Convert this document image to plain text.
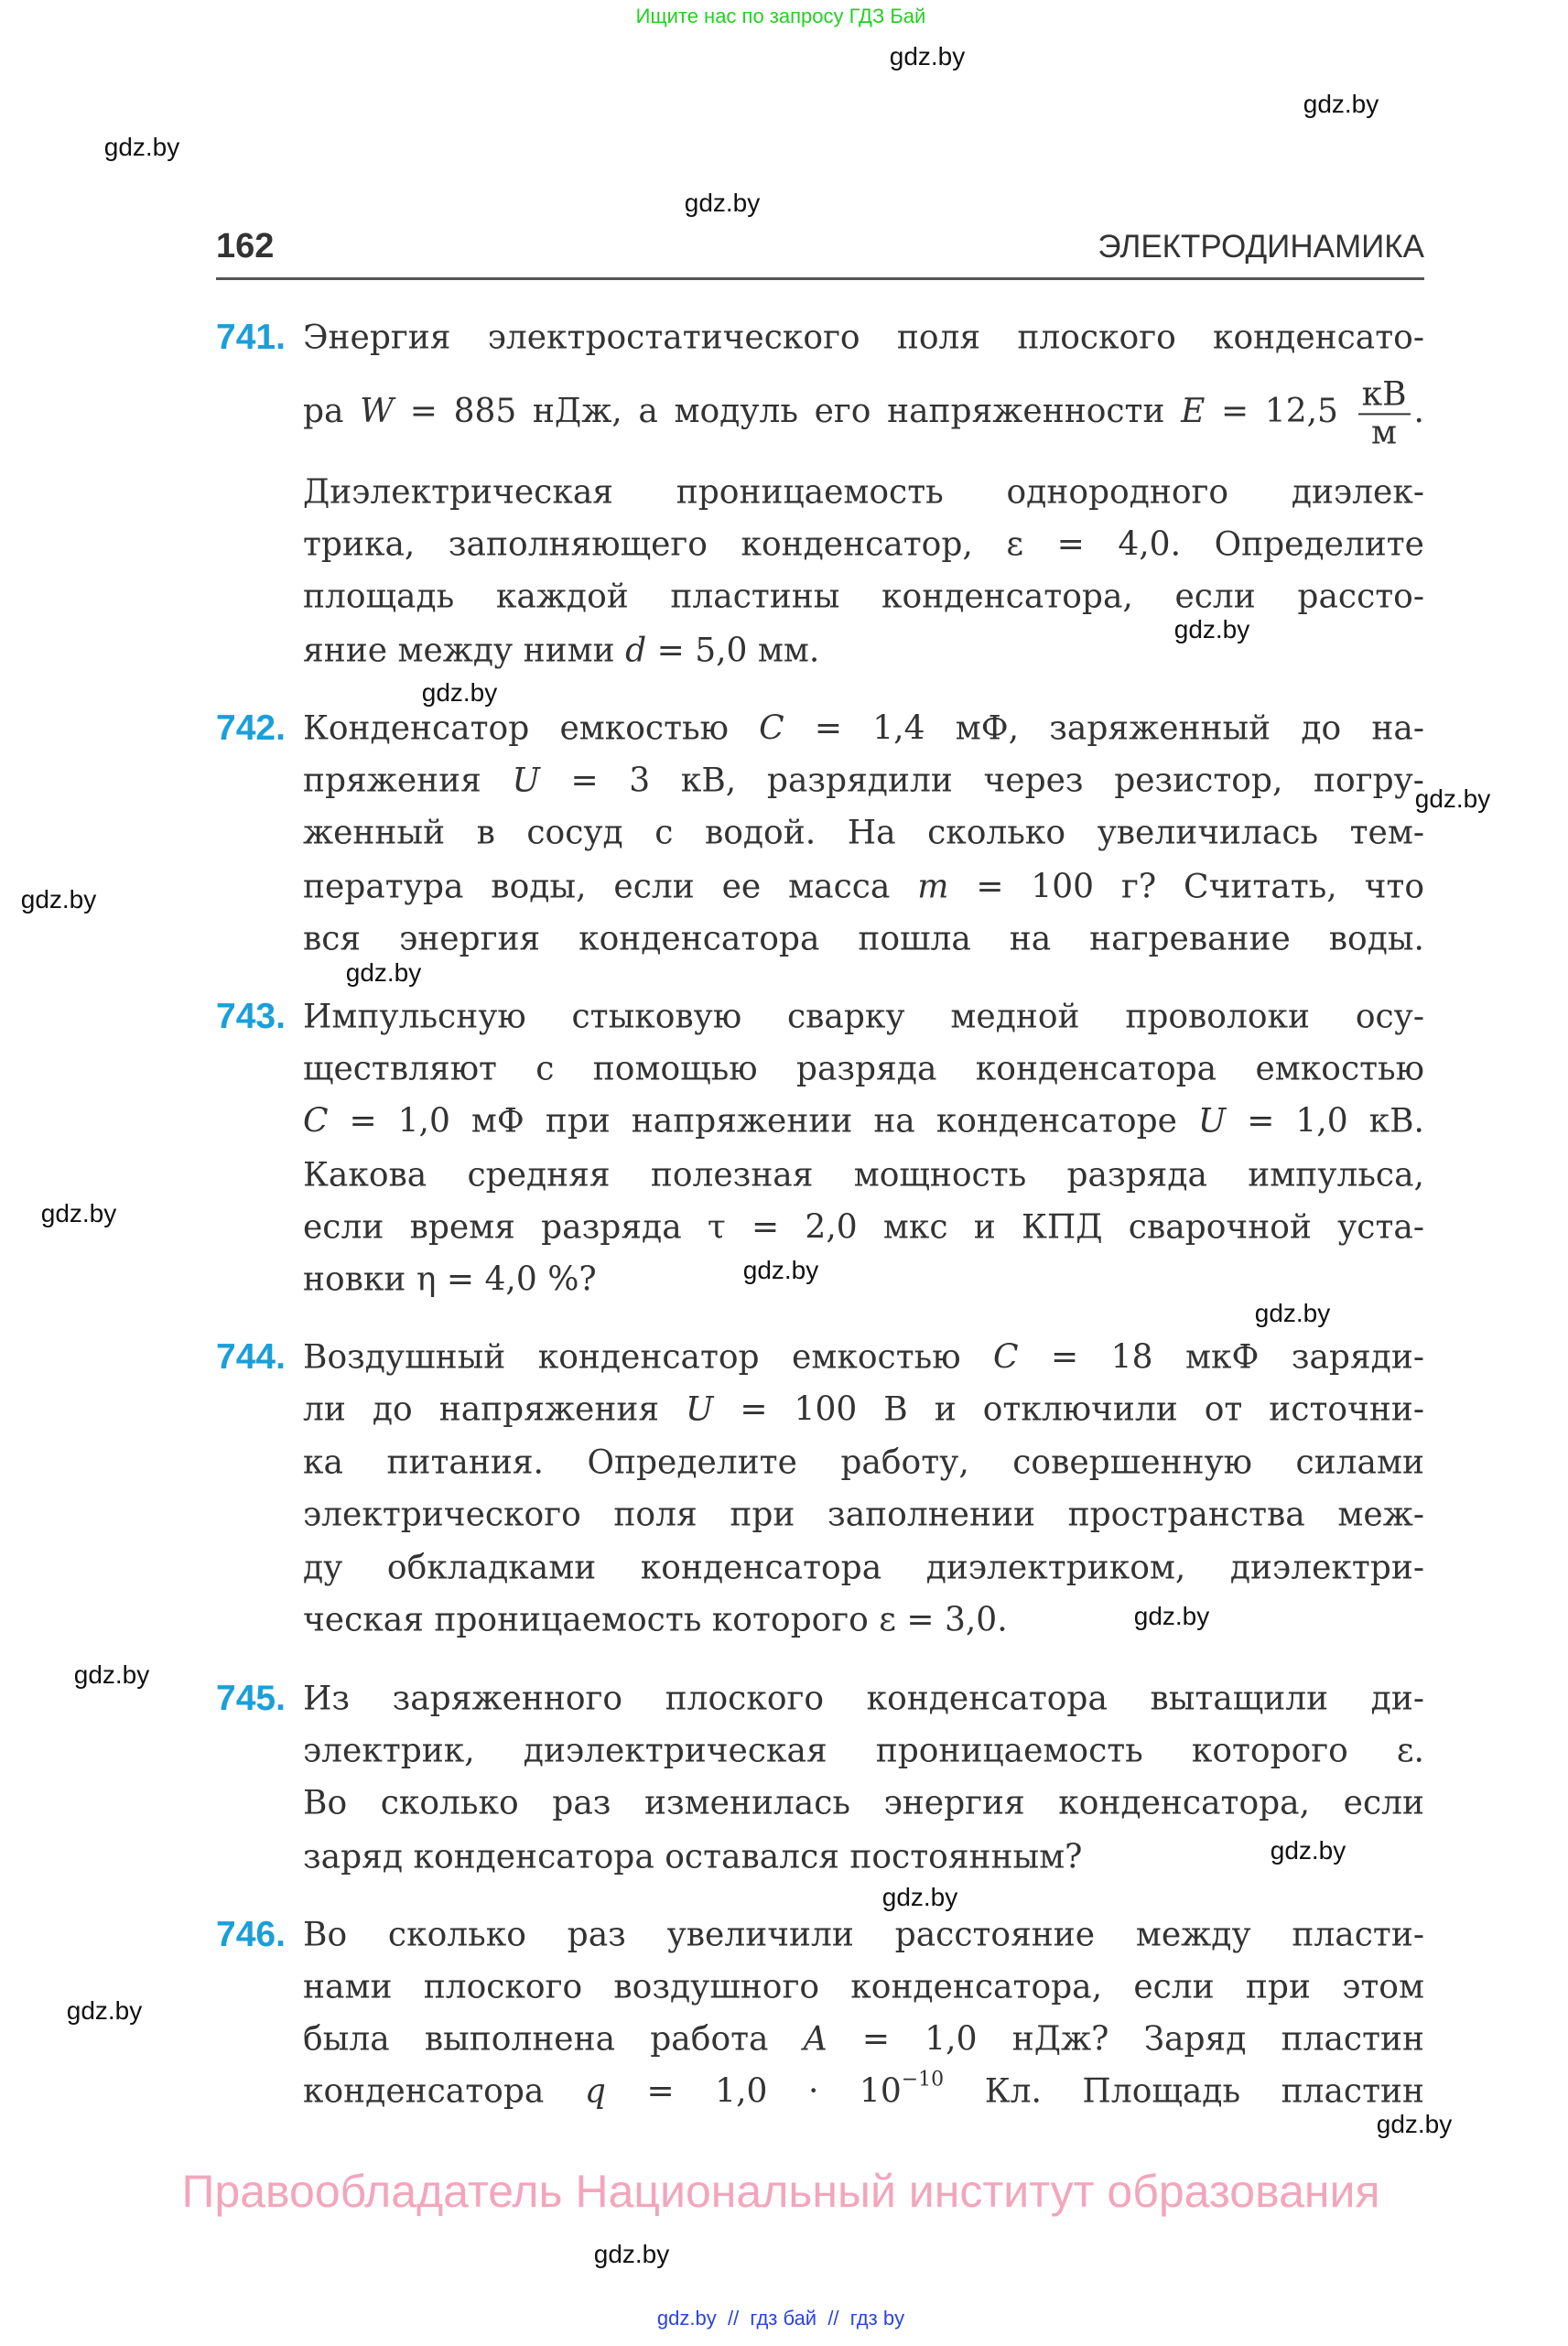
Ищите нас по запросу ГДЗ Бай
gdz.by
gdz.by
gdz.by
gdz.by
162	ЭЛЕКТРОДИНАМИКА
741. Энергия электростатического поля плоского конденсато-
ра W = 885 нДж, а модуль его напряженности $E = 12,5 \frac{кВ}{м}$ .
Диэлектрическая проницаемость однородного диэлек-
трика, заполняющего конденсатор, ε = 4,0. Определите
площадь каждой пластины конденсатора, если рассто-
яние между ними d = 5,0 мм.
742. Конденсатор емкостью C = 1,4 мФ, заряженный до на-
пряжения U = 3 кВ, разрядили через резистор, погру-
женный в сосуд с водой. На сколько увеличилась тем-
пература воды, если ее масса m = 100 г? Считать, что
вся энергия конденсатора пошла на нагревание воды.
743. Импульсную стыковую сварку медной проволоки осу-
ществляют с помощью разряда конденсатора емкостью
C = 1,0 мФ при напряжении на конденсаторе U = 1,0 кВ.
Какова средняя полезная мощность разряда импульса,
если время разряда τ = 2,0 мкс и КПД сварочной уста-
новки η = 4,0 %?
744. Воздушный конденсатор емкостью C = 18 мкФ заряди-
ли до напряжения U = 100 В и отключили от источни-
ка питания. Определите работу, совершенную силами
электрического поля при заполнении пространства меж-
ду обкладками конденсатора диэлектриком, диэлектри-
ческая проницаемость которого ε = 3,0.
745. Из заряженного плоского конденсатора вытащили ди-
электрик, диэлектрическая проницаемость которого ε.
Во сколько раз изменилась энергия конденсатора, если
заряд конденсатора оставался постоянным?
746. Во сколько раз увеличили расстояние между пласти-
нами плоского воздушного конденсатора, если при этом
была выполнена работа A = 1,0 нДж? Заряд пластин
конденсатора $q = 1,0 \cdot 10^{-10}$ Кл. Площадь пластин
gdz.by
gdz.by
gdz.by
gdz.by
gdz.by
gdz.by
gdz.by
gdz.by
gdz.by
gdz.by
gdz.by
gdz.by
gdz.by
gdz.by
Правообладатель Национальный институт образования
gdz.by
gdz.by  //  гдз бай  //  гдз by
